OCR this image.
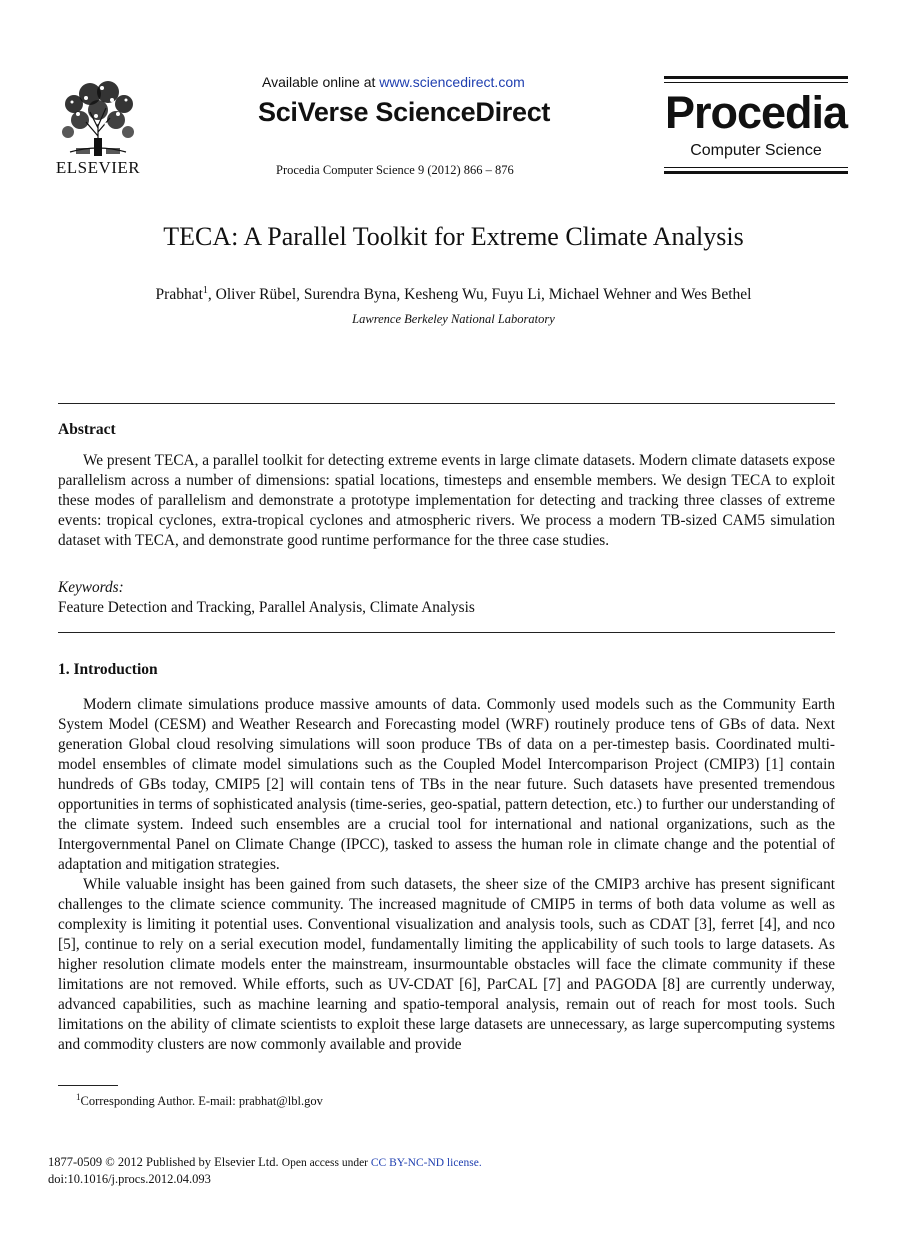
ELSEVIER
Available online at www.sciencedirect.com
SciVerse ScienceDirect
Procedia Computer Science 9 (2012) 866 – 876
Procedia
Computer Science
TECA: A Parallel Toolkit for Extreme Climate Analysis
Prabhat$^1$, Oliver Rübel, Surendra Byna, Kesheng Wu, Fuyu Li, Michael Wehner and Wes Bethel
Lawrence Berkeley National Laboratory
Abstract

We present TECA, a parallel toolkit for detecting extreme events in large climate datasets. Modern climate datasets expose parallelism across a number of dimensions: spatial locations, timesteps and ensemble members. We design TECA to exploit these modes of parallelism and demonstrate a prototype implementation for detecting and tracking three classes of extreme events: tropical cyclones, extra-tropical cyclones and atmospheric rivers. We process a modern TB-sized CAM5 simulation dataset with TECA, and demonstrate good runtime performance for the three case studies.

Keywords:
Feature Detection and Tracking, Parallel Analysis, Climate Analysis
1. Introduction

Modern climate simulations produce massive amounts of data. Commonly used models such as the Community Earth System Model (CESM) and Weather Research and Forecasting model (WRF) routinely produce tens of GBs of data. Next generation Global cloud resolving simulations will soon produce TBs of data on a per-timestep basis. Coordinated multi-model ensembles of climate model simulations such as the Coupled Model Intercomparison Project (CMIP3) [1] contain hundreds of GBs today, CMIP5 [2] will contain tens of TBs in the near future. Such datasets have presented tremendous opportunities in terms of sophisticated analysis (time-series, geo-spatial, pattern detection, etc.) to further our understanding of the climate system. Indeed such ensembles are a crucial tool for international and national organizations, such as the Intergovernmental Panel on Climate Change (IPCC), tasked to assess the human role in climate change and the potential of adaptation and mitigation strategies.

While valuable insight has been gained from such datasets, the sheer size of the CMIP3 archive has present significant challenges to the climate science community. The increased magnitude of CMIP5 in terms of both data volume as well as complexity is limiting it potential uses. Conventional visualization and analysis tools, such as CDAT [3], ferret [4], and nco [5], continue to rely on a serial execution model, fundamentally limiting the applicability of such tools to large datasets. As higher resolution climate models enter the mainstream, insurmountable obstacles will face the climate community if these limitations are not removed. While efforts, such as UV-CDAT [6], ParCAL [7] and PAGODA [8] are currently underway, advanced capabilities, such as machine learning and spatio-temporal analysis, remain out of reach for most tools. Such limitations on the ability of climate scientists to exploit these large datasets are unnecessary, as large supercomputing systems and commodity clusters are now commonly available and provide

$^1$Corresponding Author. E-mail: prabhat@lbl.gov
1877-0509 © 2012 Published by Elsevier Ltd. Open access under CC BY-NC-ND license.
doi:10.1016/j.procs.2012.04.093
